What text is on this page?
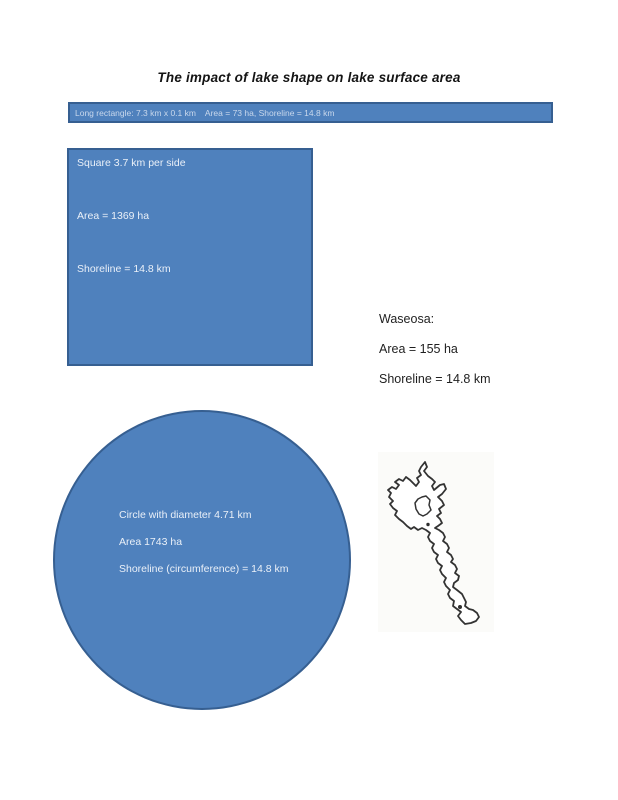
The impact of lake shape on lake surface area
Long rectangle: 7.3 km x 0.1 km    Area = 73 ha, Shoreline = 14.8 km
Square 3.7 km per side
Area = 1369 ha
Shoreline = 14.8 km
Waseosa:
Area = 155 ha
Shoreline = 14.8 km
Circle with diameter 4.71 km
Area 1743 ha
Shoreline (circumference) = 14.8 km
